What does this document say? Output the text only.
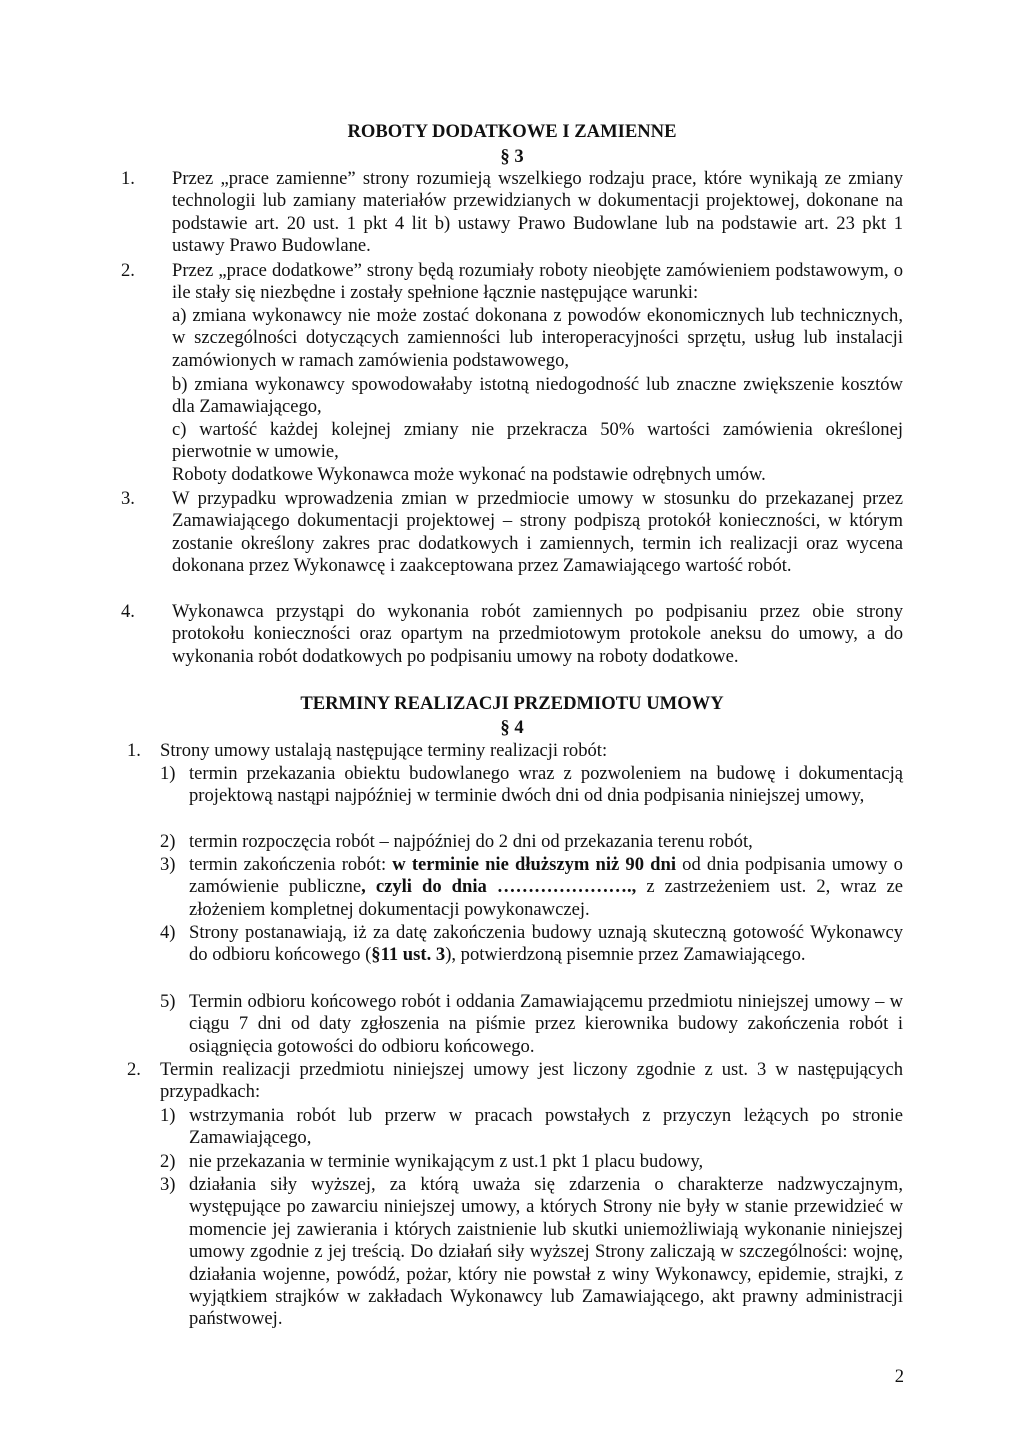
ROBOTY DODATKOWE I ZAMIENNE
§ 3
1. Przez „prace zamienne” strony rozumieją wszelkiego rodzaju prace, które wynikają ze zmiany technologii lub zamiany materiałów przewidzianych w dokumentacji projektowej, dokonane na podstawie art. 20 ust. 1 pkt 4 lit b) ustawy Prawo Budowlane lub na podstawie art. 23 pkt 1 ustawy Prawo Budowlane.
2. Przez „prace dodatkowe” strony będą rozumiały roboty nieobjęte zamówieniem podstawowym, o ile stały się niezbędne i zostały spełnione łącznie następujące warunki:
a) zmiana wykonawcy nie może zostać dokonana z powodów ekonomicznych lub technicznych, w szczególności dotyczących zamienności lub interoperacyjności sprzętu, usług lub instalacji zamówionych w ramach zamówienia podstawowego,
b) zmiana wykonawcy spowodowałaby istotną niedogodność lub znaczne zwiększenie kosztów dla Zamawiającego,
c) wartość każdej kolejnej zmiany nie przekracza 50% wartości zamówienia określonej pierwotnie w umowie,
Roboty dodatkowe Wykonawca może wykonać na podstawie odrębnych umów.
3. W przypadku wprowadzenia zmian w przedmiocie umowy w stosunku do przekazanej przez Zamawiającego dokumentacji projektowej – strony podpiszą protokół konieczności, w którym zostanie określony zakres prac dodatkowych i zamiennych, termin ich realizacji oraz wycena dokonana przez Wykonawcę i zaakceptowana przez Zamawiającego wartość robót.
4. Wykonawca przystąpi do wykonania robót zamiennych po podpisaniu przez obie strony protokołu konieczności oraz opartym na przedmiotowym protokole aneksu do umowy, a do wykonania robót dodatkowych po podpisaniu umowy na roboty dodatkowe.
TERMINY REALIZACJI PRZEDMIOTU UMOWY
§ 4
1. Strony umowy ustalają następujące terminy realizacji robót:
1) termin przekazania obiektu budowlanego wraz z pozwoleniem na budowę i dokumentacją projektową nastąpi najpóźniej w terminie dwóch dni od dnia podpisania niniejszej umowy,
2) termin rozpoczęcia robót – najpóźniej do 2 dni od przekazania terenu robót,
3) termin zakończenia robót: w terminie nie dłuższym niż 90 dni od dnia podpisania umowy o zamówienie publiczne, czyli do dnia …………………., z zastrzeżeniem ust. 2, wraz ze złożeniem kompletnej dokumentacji powykonawczej.
4) Strony postanawiają, iż za datę zakończenia budowy uznają skuteczną gotowość Wykonawcy do odbioru końcowego (§11 ust. 3), potwierdzoną pisemnie przez Zamawiającego.
5) Termin odbioru końcowego robót i oddania Zamawiającemu przedmiotu niniejszej umowy – w ciągu 7 dni od daty zgłoszenia na piśmie przez kierownika budowy zakończenia robót i osiągnięcia gotowości do odbioru końcowego.
2. Termin realizacji przedmiotu niniejszej umowy jest liczony zgodnie z ust. 3 w następujących przypadkach:
1) wstrzymania robót lub przerw w pracach powstałych z przyczyn leżących po stronie Zamawiającego,
2) nie przekazania w terminie wynikającym z ust.1 pkt 1 placu budowy,
3) działania siły wyższej, za którą uważa się zdarzenia o charakterze nadzwyczajnym, występujące po zawarciu niniejszej umowy, a których Strony nie były w stanie przewidzieć w momencie jej zawierania i których zaistnienie lub skutki uniemożliwiają wykonanie niniejszej umowy zgodnie z jej treścią. Do działań siły wyższej Strony zaliczają w szczególności: wojnę, działania wojenne, powódź, pożar, który nie powstał z winy Wykonawcy, epidemie, strajki, z wyjątkiem strajków w zakładach Wykonawcy lub Zamawiającego, akt prawny administracji państwowej.
2
